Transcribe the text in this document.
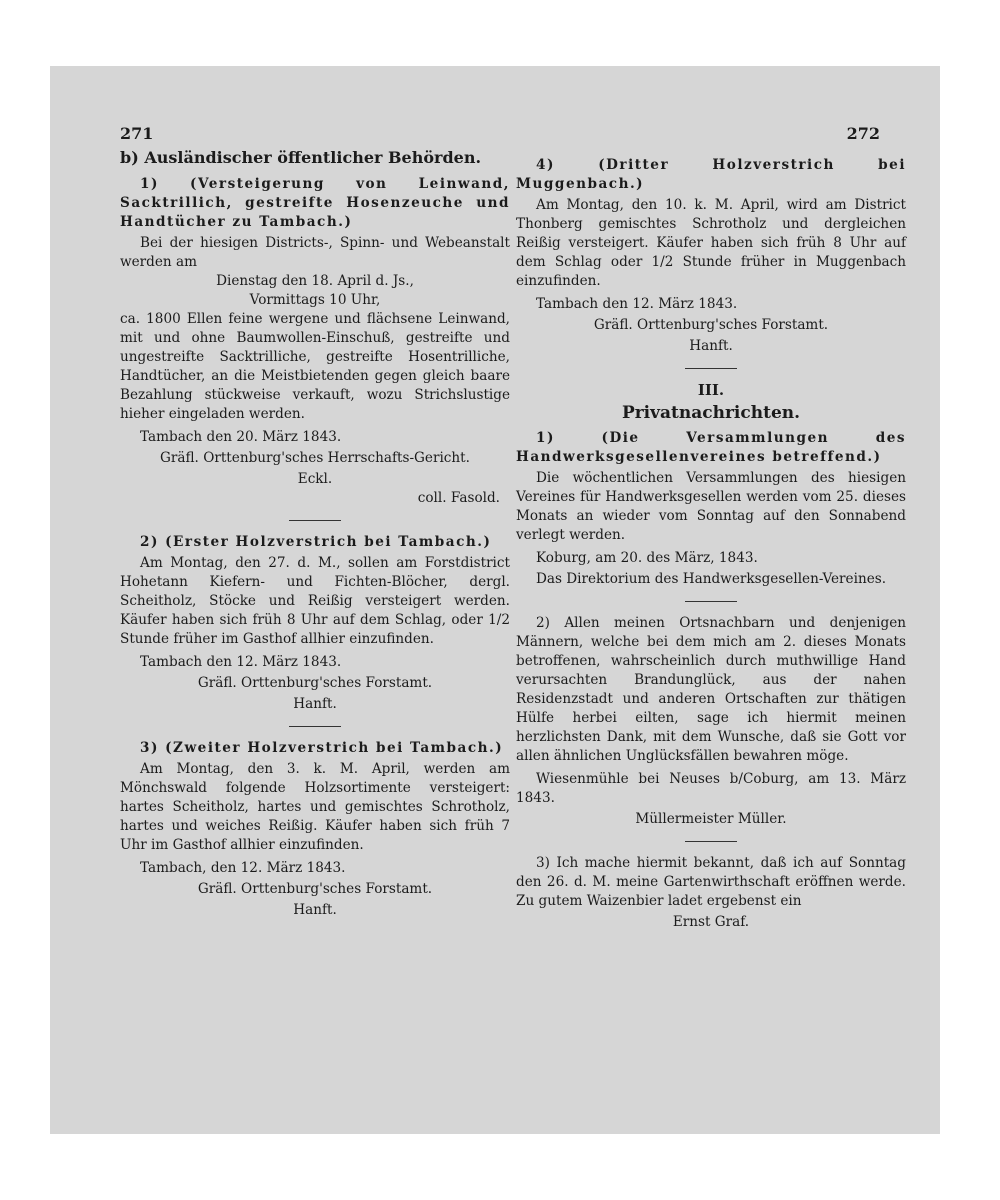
271	272

b) Ausländischer öffentlicher Behörden.

1) (Versteigerung von Leinwand, Sacktrillich, gestreifte Hosenzeuche und Handtücher zu Tambach.)

Bei der hiesigen Districts-, Spinn- und Webeanstalt werden am

Dienstag den 18. April d. Js.,

Vormittags 10 Uhr,

ca. 1800 Ellen feine wergene und flächsene Leinwand, mit und ohne Baumwollen-Einschuß, gestreifte und ungestreifte Sacktrilliche, gestreifte Hosentrilliche, Handtücher, an die Meistbietenden gegen gleich baare Bezahlung stückweise verkauft, wozu Strichslustige hieher eingeladen werden.

Tambach den 20. März 1843.

Gräfl. Orttenburg'sches Herrschafts-Gericht.

Eckl.

coll. Fasold.

2) (Erster Holzverstrich bei Tambach.)

Am Montag, den 27. d. M., sollen am Forstdistrict Hohetann Kiefern- und Fichten-Blöcher, dergl. Scheitholz, Stöcke und Reißig versteigert werden. Käufer haben sich früh 8 Uhr auf dem Schlag, oder 1/2 Stunde früher im Gasthof allhier einzufinden.

Tambach den 12. März 1843.

Gräfl. Orttenburg'sches Forstamt.

Hanft.

3) (Zweiter Holzverstrich bei Tambach.)

Am Montag, den 3. k. M. April, werden am Mönchswald folgende Holzsortimente versteigert: hartes Scheitholz, hartes und gemischtes Schrotholz, hartes und weiches Reißig. Käufer haben sich früh 7 Uhr im Gasthof allhier einzufinden.

Tambach, den 12. März 1843.

Gräfl. Orttenburg'sches Forstamt.

Hanft.

4) (Dritter Holzverstrich bei Muggenbach.)

Am Montag, den 10. k. M. April, wird am District Thonberg gemischtes Schrotholz und dergleichen Reißig versteigert. Käufer haben sich früh 8 Uhr auf dem Schlag oder 1/2 Stunde früher in Muggenbach einzufinden.

Tambach den 12. März 1843.

Gräfl. Orttenburg'sches Forstamt.

Hanft.

III.

Privatnachrichten.

1) (Die Versammlungen des Handwerksgesellenvereines betreffend.)

Die wöchentlichen Versammlungen des hiesigen Vereines für Handwerksgesellen werden vom 25. dieses Monats an wieder vom Sonntag auf den Sonnabend verlegt werden.

Koburg, am 20. des März, 1843.

Das Direktorium des Handwerksgesellen-Vereines.

2) Allen meinen Ortsnachbarn und denjenigen Männern, welche bei dem mich am 2. dieses Monats betroffenen, wahrscheinlich durch muthwillige Hand verursachten Brandunglück, aus der nahen Residenzstadt und anderen Ortschaften zur thätigen Hülfe herbei eilten, sage ich hiermit meinen herzlichsten Dank, mit dem Wunsche, daß sie Gott vor allen ähnlichen Unglücksfällen bewahren möge.

Wiesenmühle bei Neuses b/Coburg, am 13. März 1843.

Müllermeister Müller.

3) Ich mache hiermit bekannt, daß ich auf Sonntag den 26. d. M. meine Gartenwirthschaft eröffnen werde. Zu gutem Waizenbier ladet ergebenst ein

Ernst Graf.
